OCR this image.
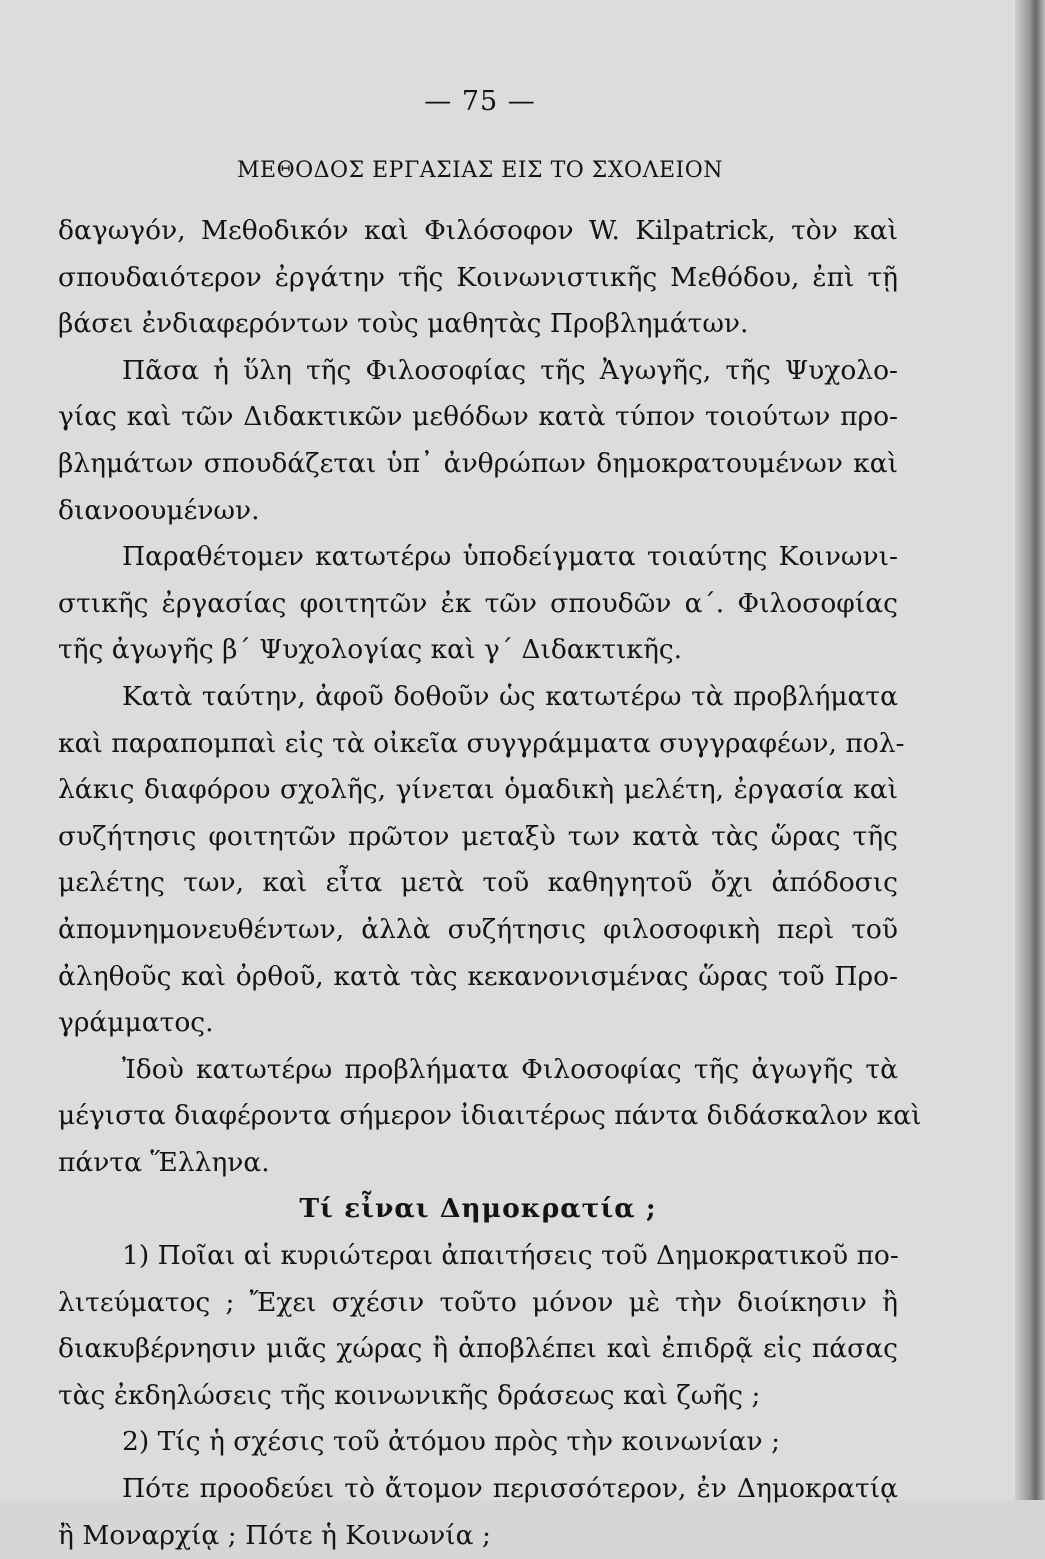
— 75 —
ΜΕΘΟΔΟΣ ΕΡΓΑΣΙΑΣ ΕΙΣ ΤΟ ΣΧΟΛΕΙΟΝ
δαγωγόν, Μεθοδικόν καὶ Φιλόσοφον W. Kilpatrick, τὸν καὶ
σπουδαιότερον ἐργάτην τῆς Κοινωνιστικῆς Μεθόδου, ἐπὶ τῇ
βάσει ἐνδιαφερόντων τοὺς μαθητὰς Προβλημάτων.
Πᾶσα ἡ ὕλη τῆς Φιλοσοφίας τῆς Ἀγωγῆς, τῆς Ψυχολο-
γίας καὶ τῶν Διδακτικῶν μεθόδων κατὰ τύπον τοιούτων προ-
βλημάτων σπουδάζεται ὑπ᾿ ἀνθρώπων δημοκρατουμένων καὶ
διανοουμένων.
Παραθέτομεν κατωτέρω ὑποδείγματα τοιαύτης Κοινωνι-
στικῆς ἐργασίας φοιτητῶν ἐκ τῶν σπουδῶν α΄. Φιλοσοφίας
τῆς ἀγωγῆς β΄ Ψυχολογίας καὶ γ΄ Διδακτικῆς.
Κατὰ ταύτην, ἀφοῦ δοθοῦν ὡς κατωτέρω τὰ προβλήματα
καὶ παραπομπαὶ εἰς τὰ οἰκεῖα συγγράμματα συγγραφέων, πολ-
λάκις διαφόρου σχολῆς, γίνεται ὁμαδικὴ μελέτη, ἐργασία καὶ
συζήτησις φοιτητῶν πρῶτον μεταξὺ των κατὰ τὰς ὥρας τῆς
μελέτης των, καὶ εἶτα μετὰ τοῦ καθηγητοῦ ὄχι ἀπόδοσις
ἀπομνημονευθέντων, ἀλλὰ συζήτησις φιλοσοφικὴ περὶ τοῦ
ἀληθοῦς καὶ ὀρθοῦ, κατὰ τὰς κεκανονισμένας ὥρας τοῦ Προ-
γράμματος.
Ἰδοὺ κατωτέρω προβλήματα Φιλοσοφίας τῆς ἀγωγῆς τὰ
μέγιστα διαφέροντα σήμερον ἰδιαιτέρως πάντα διδάσκαλον καὶ
πάντα Ἕλληνα.
Τί εἶναι Δημοκρατία ;
1) Ποῖαι αἱ κυριώτεραι ἀπαιτήσεις τοῦ Δημοκρατικοῦ πο-
λιτεύματος ; Ἔχει σχέσιν τοῦτο μόνον μὲ τὴν διοίκησιν ἢ
διακυβέρνησιν μιᾶς χώρας ἢ ἀποβλέπει καὶ ἐπιδρᾷ εἰς πάσας
τὰς ἐκδηλώσεις τῆς κοινωνικῆς δράσεως καὶ ζωῆς ;
2) Τίς ἡ σχέσις τοῦ ἀτόμου πρὸς τὴν κοινωνίαν ;
Πότε προοδεύει τὸ ἄτομον περισσότερον, ἐν Δημοκρατίᾳ
ἢ Μοναρχίᾳ ; Πότε ἡ Κοινωνία ;
